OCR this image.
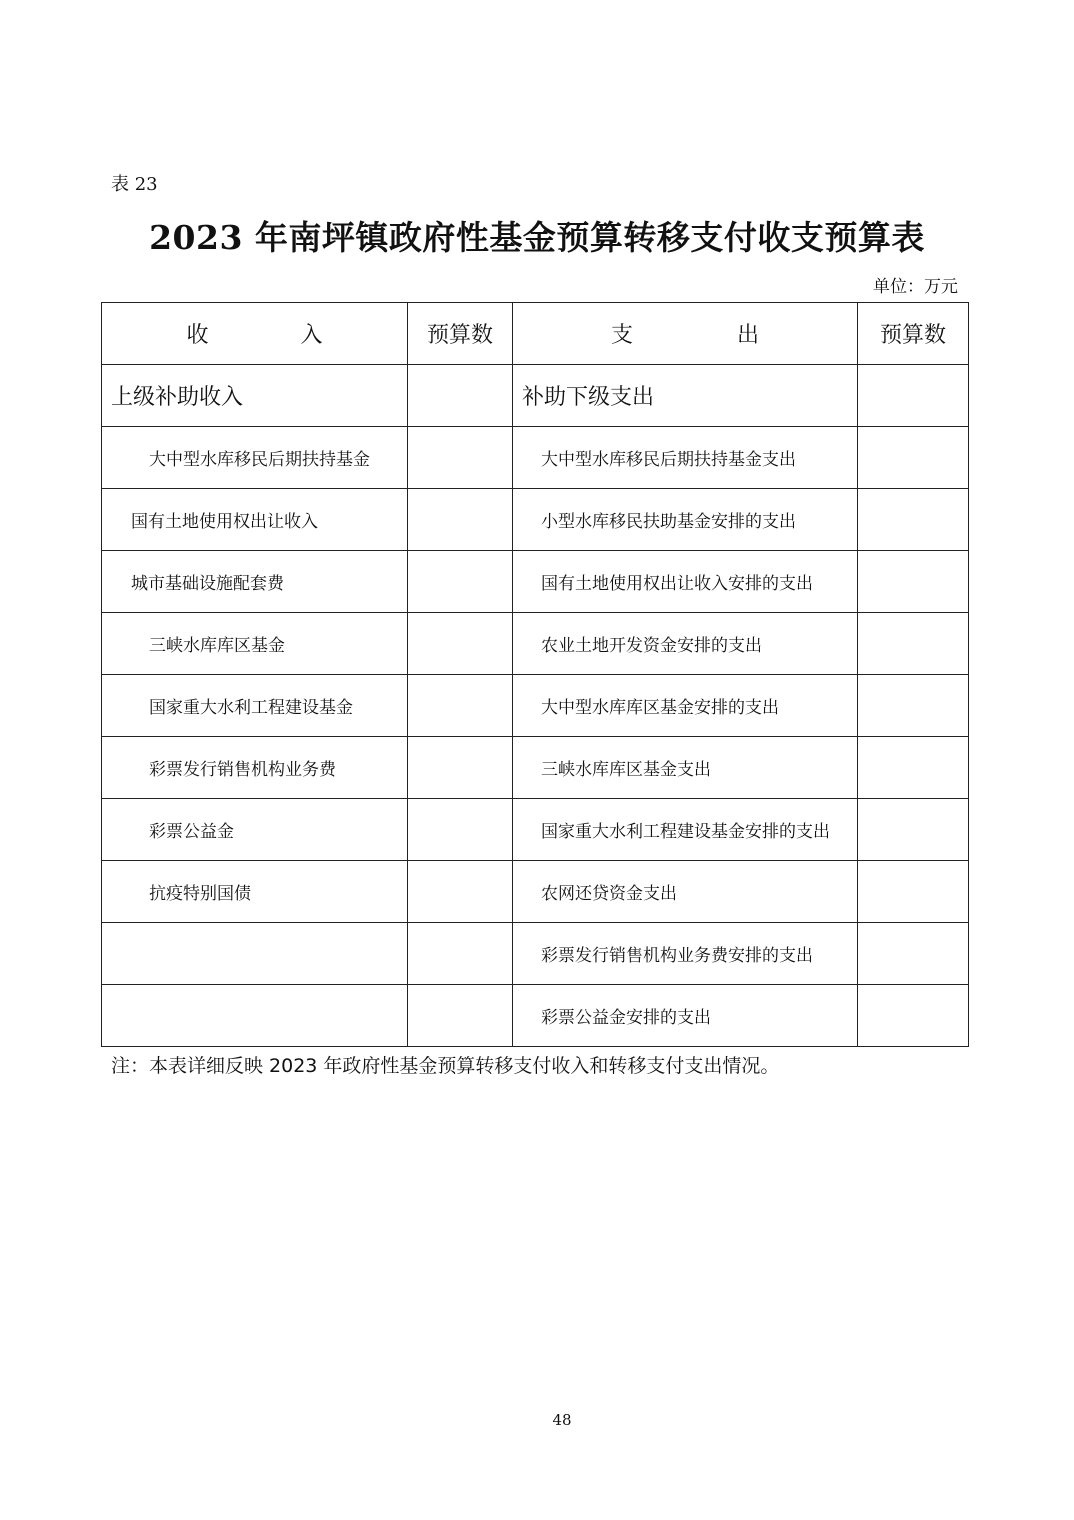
表 23
2023 年南坪镇政府性基金预算转移支付收支预算表
单位：万元
收 入	预算数	支 出	预算数
上级补助收入		补助下级支出	
大中型水库移民后期扶持基金		大中型水库移民后期扶持基金支出	
国有土地使用权出让收入		小型水库移民扶助基金安排的支出	
城市基础设施配套费		国有土地使用权出让收入安排的支出	
三峡水库库区基金		农业土地开发资金安排的支出	
国家重大水利工程建设基金		大中型水库库区基金安排的支出	
彩票发行销售机构业务费		三峡水库库区基金支出	
彩票公益金		国家重大水利工程建设基金安排的支出	
抗疫特别国债		农网还贷资金支出	
		彩票发行销售机构业务费安排的支出	
		彩票公益金安排的支出	
注：本表详细反映 2023 年政府性基金预算转移支付收入和转移支付支出情况。
48
